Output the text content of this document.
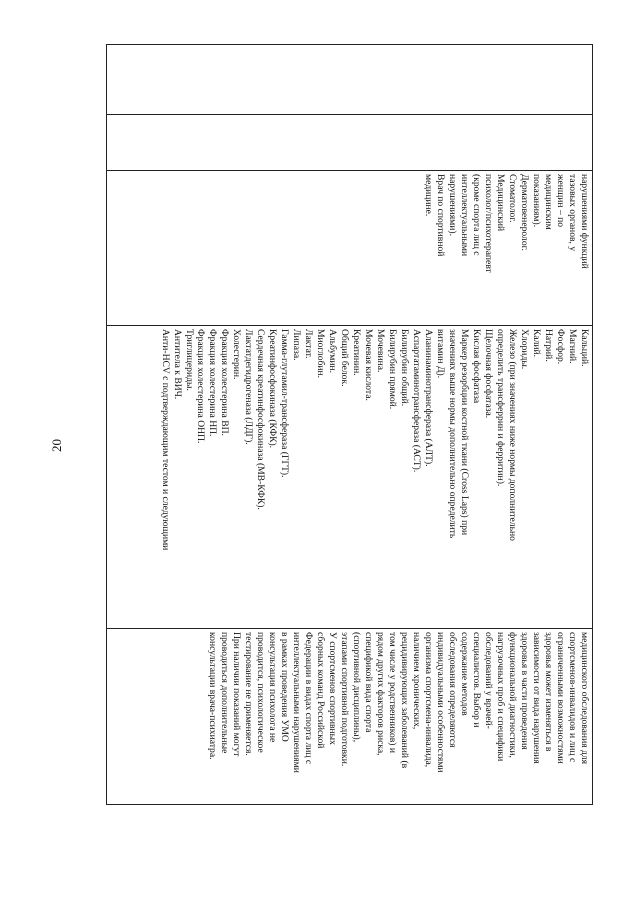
20

нарушениями функций
тазовых органов, у
женщин – по
медицинским
показаниям).
Дерматовенеролог.
Стоматолог.
Медицинский
психолог/психотерапевт
(кроме спорта лиц с
интеллектуальными
нарушениями).
Врач по спортивной
медицине.

Кальций.
Магний.
Фосфор.
Натрий.
Калий.
Хлориды.
Железо (при значениях ниже нормы дополнительно
определить трансферрин и ферритин).
Щелочная фосфатаза.
Кислая фосфатаза
Маркер резорбции костной ткани (Cross Laps) при
значениях выше нормы дополнительно определить
витамин Д).
Аланинаминотрансфераза (АЛТ).
Аспартатаминотрансфераза (АСТ).
Билирубин общий.
Билирубин прямой.
Мочевина.
Мочевая кислота.
Креатинин.
Общий белок.
Альбумин.
Миоглобин.
Лактат.
Липаза.
Гамма-глутамил-трансфераза (ГГТ).
Креатинфосфокиназа (КФК).
Сердечная креатинфосфокиназа (МВ-КФК).
Лактатдегидрогеназа (ЛДГ).
Холестерин.
Фракция холестерина ВП.
Фракция холестерина НП.
Фракция холестерина ОНП.
Триглицериды.
Антитела к ВИЧ.
Анти-HCV с подтверждающим тестом и следующими

медицинского обследования для
спортсменов-инвалидов и лиц с
ограниченными возможностями
здоровья может изменяться в
зависимости от вида нарушения
здоровья в части проведения
функциональной диагностики,
нагрузочных проб и специфики
обследований у врачей-
специалистов. Выбор и
содержание методов
обследования определяются
индивидуальными особенностями
организма спортсмена-инвалида,
наличием хронических,
рецидивирующих заболеваний (в
том числе у родственников) и
рядом других факторов риска,
спецификой вида спорта
(спортивной дисциплины),
этапами спортивной подготовки.
У спортсменов спортивных
сборных команд Российской
Федерации в видах спорта лиц с
интеллектуальными нарушениями
в рамках проведения УМО
консультация психолога не
проводится, психологическое
тестирование не применяется.
При наличии показаний могут
проводиться дополнительные
консультации врача-психиатра.
